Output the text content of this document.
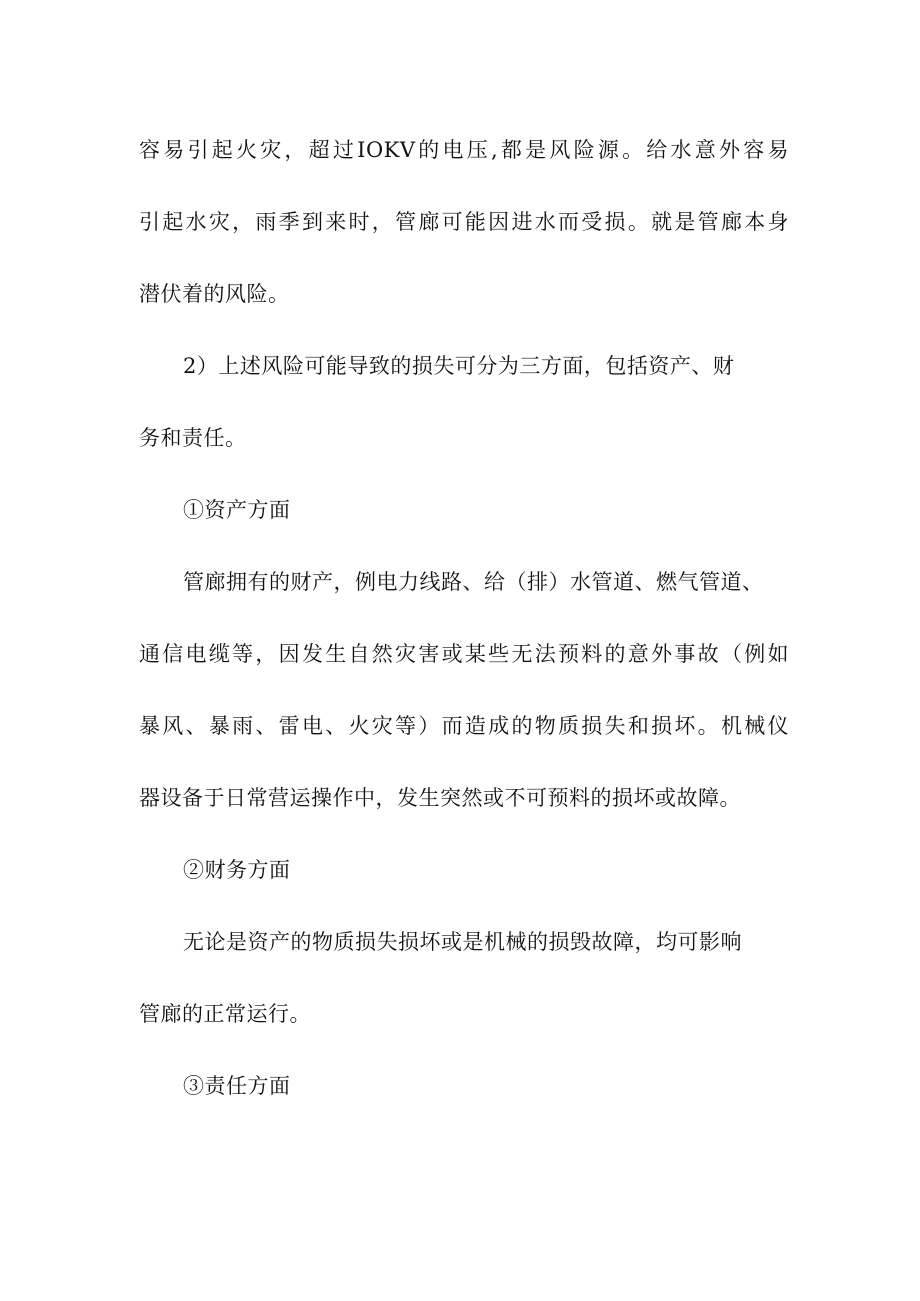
容易引起火灾，超过IOKV的电压,都是风险源。给水意外容易
引起水灾，雨季到来时，管廊可能因进水而受损。就是管廊本身
潜伏着的风险。
2）上述风险可能导致的损失可分为三方面，包括资产、财
务和责任。
①资产方面
管廊拥有的财产，例电力线路、给（排）水管道、燃气管道、
通信电缆等，因发生自然灾害或某些无法预料的意外事故（例如
暴风、暴雨、雷电、火灾等）而造成的物质损失和损坏。机械仪
器设备于日常营运操作中，发生突然或不可预料的损坏或故障。
②财务方面
无论是资产的物质损失损坏或是机械的损毁故障，均可影响
管廊的正常运行。
③责任方面
